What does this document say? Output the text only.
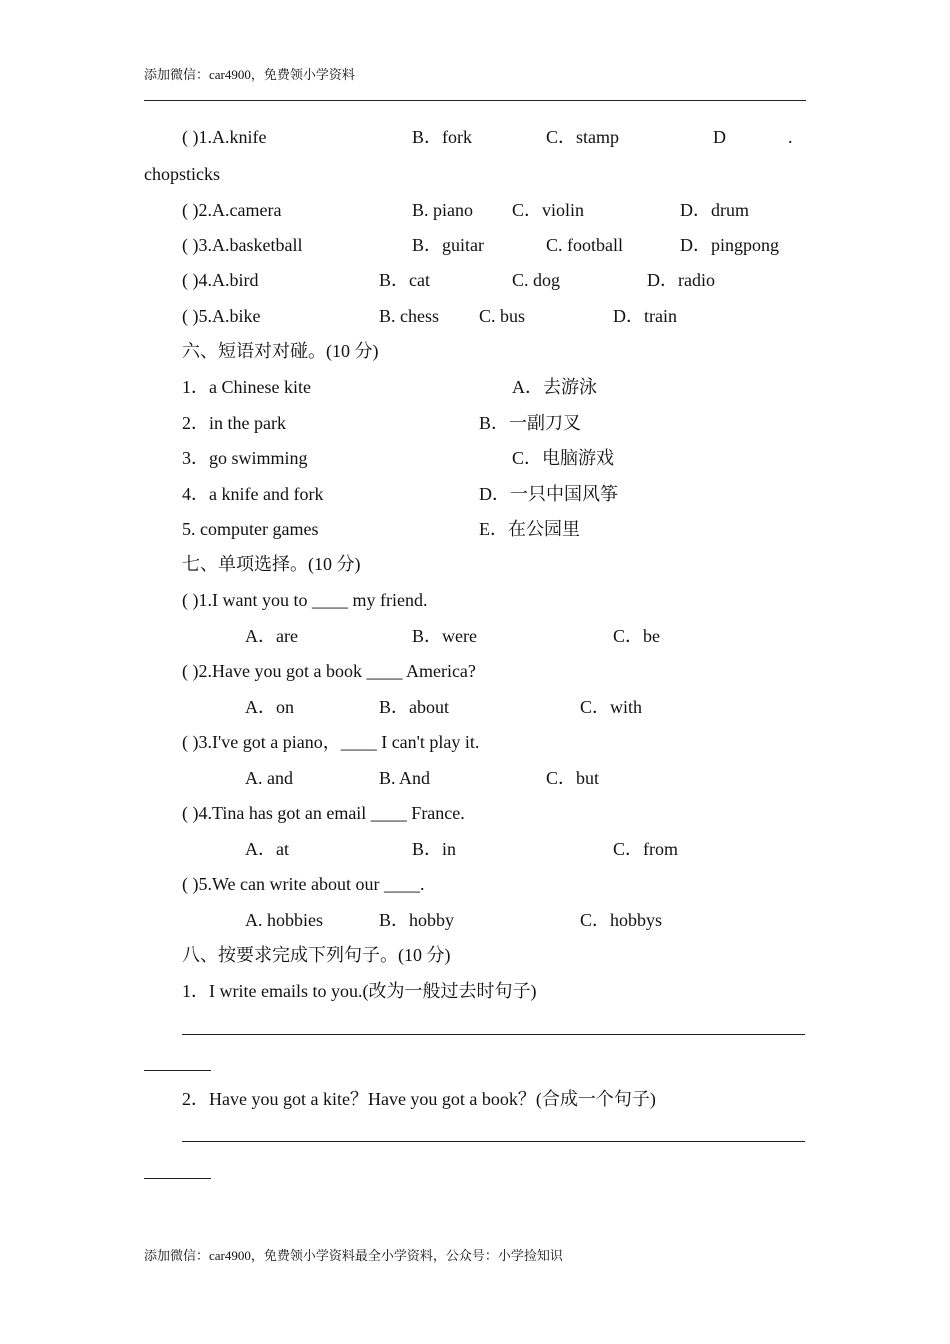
添加微信：car4900，免费领小学资料
( )1.A.knife	B．fork	C．stamp	D	.
chopsticks
( )2.A.camera	B. piano C．violin	D．drum
( )3.A.basketball	B．guitar	C. football	D．pingpong
( )4.A.bird	B．cat	C. dog	D．radio
( )5.A.bike	B. chess C. bus	D．train
六、短语对对碰。(10 分)
1．a Chinese kite	A．去游泳
2．in the park	B．一副刀叉
3．go swimming	C．电脑游戏
4．a knife and fork	D．一只中国风筝
5. computer games	E．在公园里
七、单项选择。(10 分)
( )1.I want you to ____ my friend.
A．are	B．were	C．be
( )2.Have you got a book ____ America?
A．on	B．about	C．with
( )3.I've got a piano，____ I can't play it.
A. and	B. And	C．but
( )4.Tina has got an email ____ France.
A．at	B．in	C．from
( )5.We can write about our ____.
A. hobbies	B．hobby	C．hobbys
八、按要求完成下列句子。(10 分)
1．I write emails to you.(改为一般过去时句子)
2．Have you got a kite？Have you got a book？(合成一个句子)
添加微信：car4900，免费领小学资料最全小学资料，公众号：小学捡知识
